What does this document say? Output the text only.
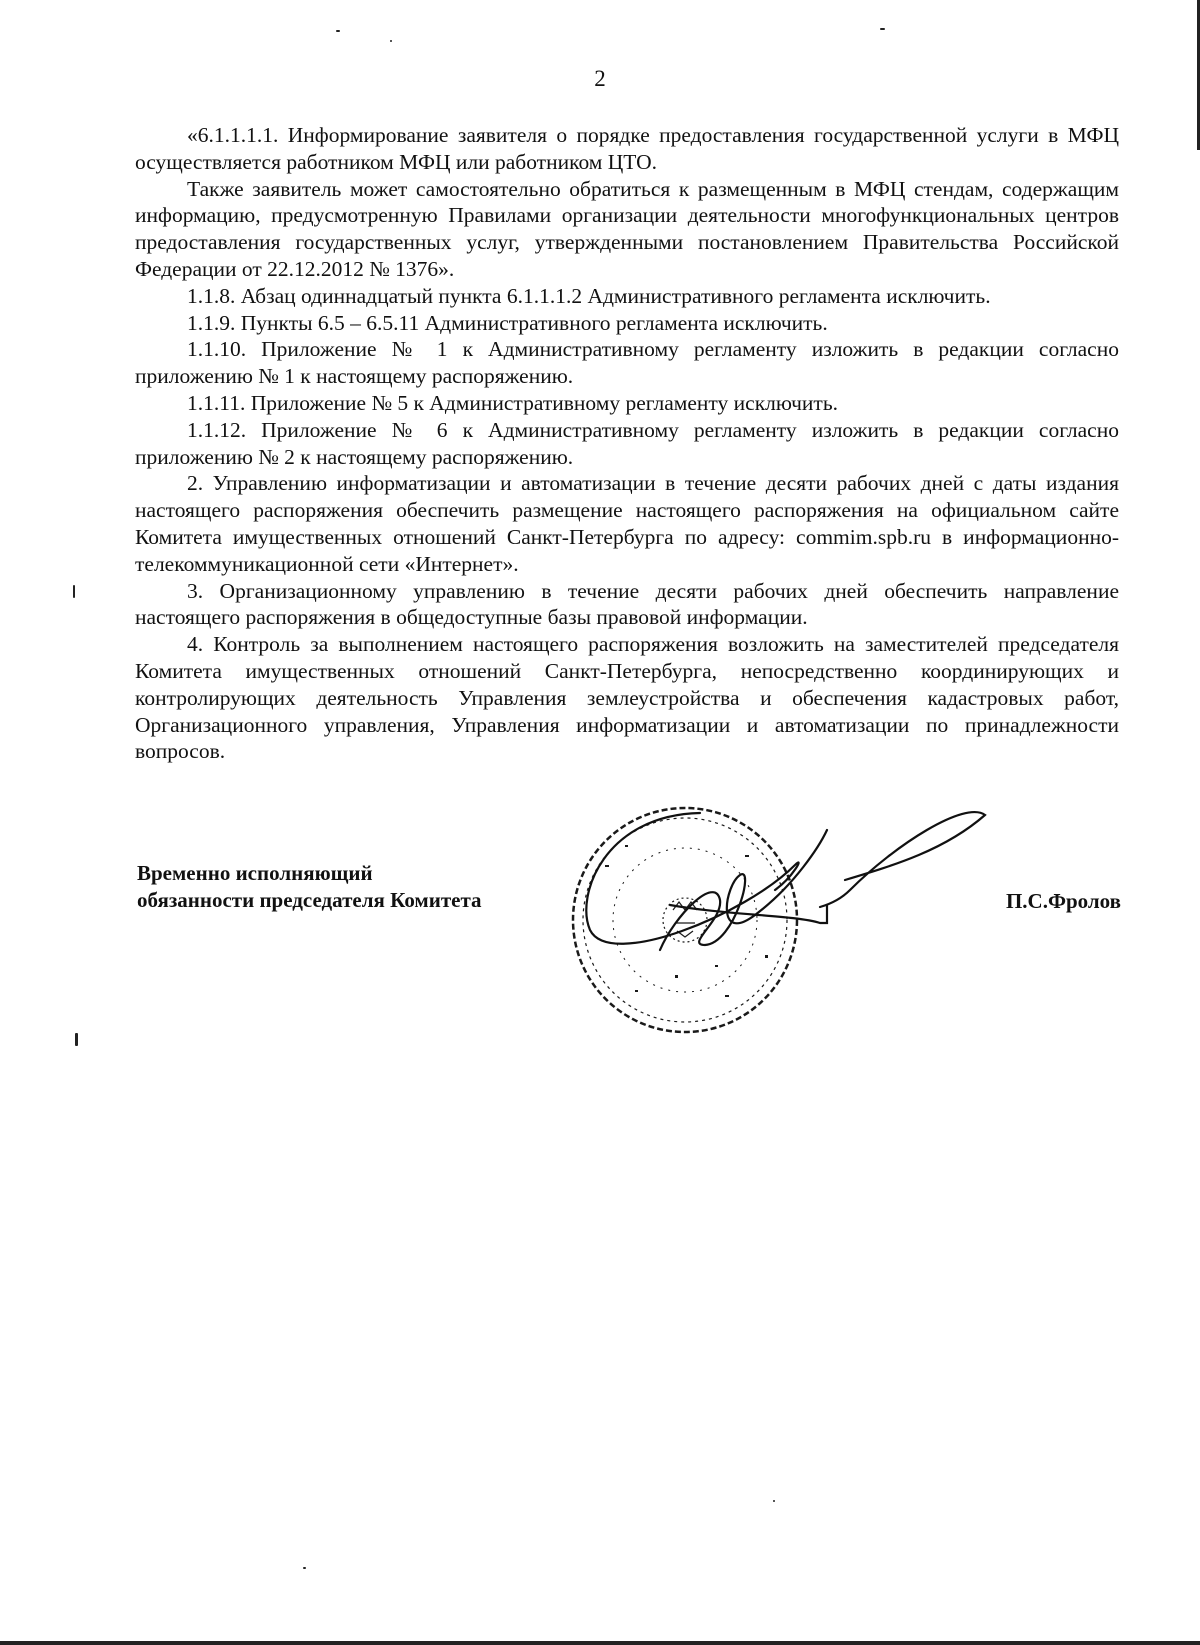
2

«6.1.1.1.1. Информирование заявителя о порядке предоставления государственной услуги в МФЦ осуществляется работником МФЦ или работником ЦТО.

Также заявитель может самостоятельно обратиться к размещенным в МФЦ стендам, содержащим информацию, предусмотренную Правилами организации деятельности многофункциональных центров предоставления государственных услуг, утвержденными постановлением Правительства Российской Федерации от 22.12.2012 № 1376».

1.1.8. Абзац одиннадцатый пункта 6.1.1.1.2 Административного регламента исключить.

1.1.9. Пункты 6.5 – 6.5.11 Административного регламента исключить.

1.1.10. Приложение № 1 к Административному регламенту изложить в редакции согласно приложению № 1 к настоящему распоряжению.

1.1.11. Приложение № 5 к Административному регламенту исключить.

1.1.12. Приложение № 6 к Административному регламенту изложить в редакции согласно приложению № 2 к настоящему распоряжению.

2. Управлению информатизации и автоматизации в течение десяти рабочих дней с даты издания настоящего распоряжения обеспечить размещение настоящего распоряжения на официальном сайте Комитета имущественных отношений Санкт-Петербурга по адресу: commim.spb.ru в информационно-телекоммуникационной сети «Интернет».

3. Организационному управлению в течение десяти рабочих дней обеспечить направление настоящего распоряжения в общедоступные базы правовой информации.

4. Контроль за выполнением настоящего распоряжения возложить на заместителей председателя Комитета имущественных отношений Санкт-Петербурга, непосредственно координирующих и контролирующих деятельность Управления землеустройства и обеспечения кадастровых работ, Организационного управления, Управления информатизации и автоматизации по принадлежности вопросов.

Временно исполняющий
обязанности председателя Комитета	П.С.Фролов
